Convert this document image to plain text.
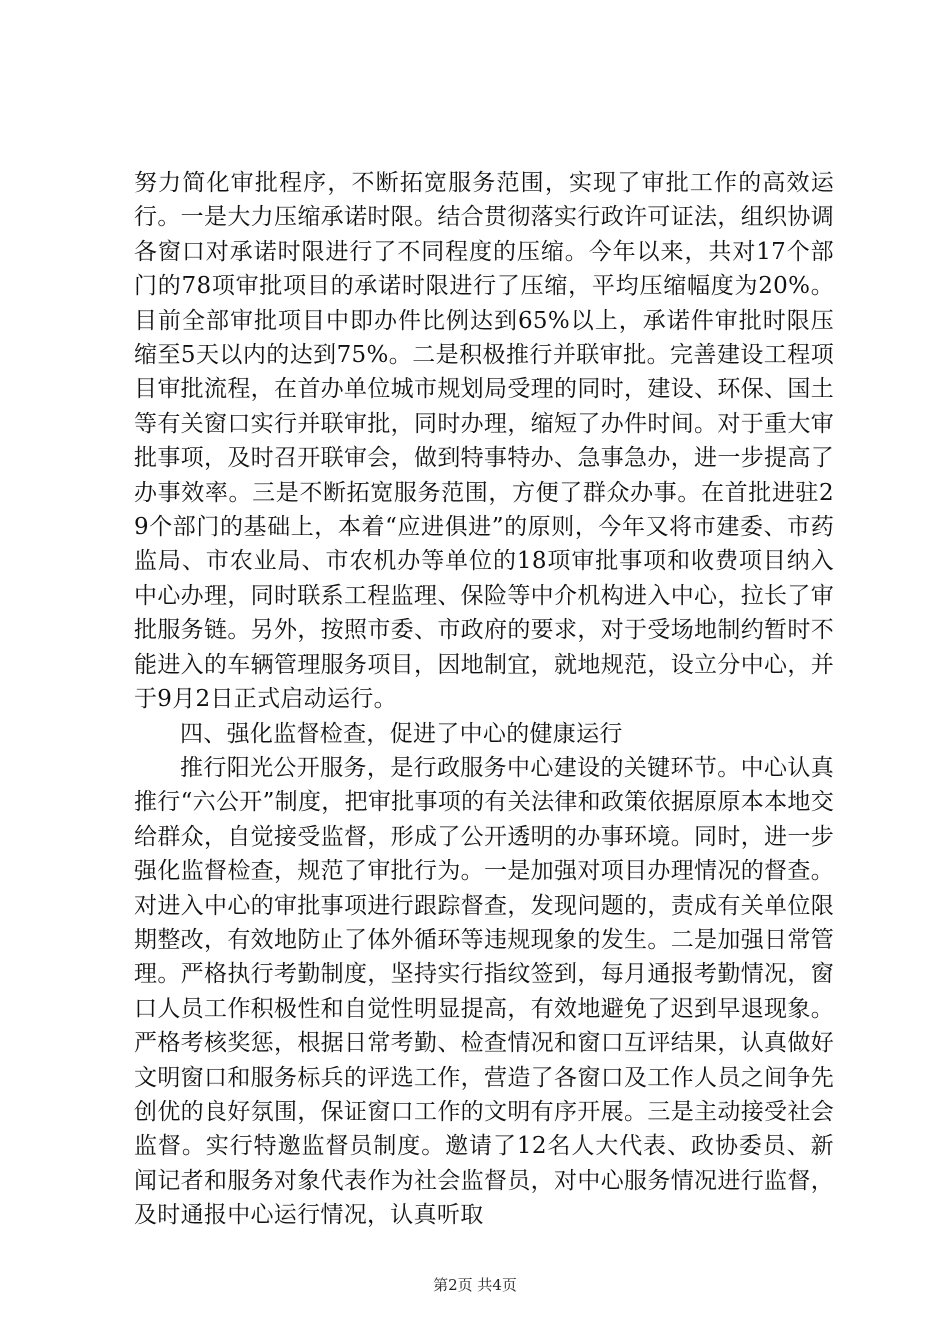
努力简化审批程序，不断拓宽服务范围，实现了审批工作的高效运行。一是大力压缩承诺时限。结合贯彻落实行政许可证法，组织协调各窗口对承诺时限进行了不同程度的压缩。今年以来，共对17个部门的78项审批项目的承诺时限进行了压缩，平均压缩幅度为20%。目前全部审批项目中即办件比例达到65%以上，承诺件审批时限压缩至5天以内的达到75%。二是积极推行并联审批。完善建设工程项目审批流程，在首办单位城市规划局受理的同时，建设、环保、国土等有关窗口实行并联审批，同时办理，缩短了办件时间。对于重大审批事项，及时召开联审会，做到特事特办、急事急办，进一步提高了办事效率。三是不断拓宽服务范围，方便了群众办事。在首批进驻29个部门的基础上，本着“应进俱进”的原则，今年又将市建委、市药监局、市农业局、市农机办等单位的18项审批事项和收费项目纳入中心办理，同时联系工程监理、保险等中介机构进入中心，拉长了审批服务链。另外，按照市委、市政府的要求，对于受场地制约暂时不能进入的车辆管理服务项目，因地制宜，就地规范，设立分中心，并于9月2日正式启动运行。

四、强化监督检查，促进了中心的健康运行

推行阳光公开服务，是行政服务中心建设的关键环节。中心认真推行“六公开”制度，把审批事项的有关法律和政策依据原原本本地交给群众，自觉接受监督，形成了公开透明的办事环境。同时，进一步强化监督检查，规范了审批行为。一是加强对项目办理情况的督查。对进入中心的审批事项进行跟踪督查，发现问题的，责成有关单位限期整改，有效地防止了体外循环等违规现象的发生。二是加强日常管理。严格执行考勤制度，坚持实行指纹签到，每月通报考勤情况，窗口人员工作积极性和自觉性明显提高，有效地避免了迟到早退现象。严格考核奖惩，根据日常考勤、检查情况和窗口互评结果，认真做好文明窗口和服务标兵的评选工作，营造了各窗口及工作人员之间争先创优的良好氛围，保证窗口工作的文明有序开展。三是主动接受社会监督。实行特邀监督员制度。邀请了12名人大代表、政协委员、新闻记者和服务对象代表作为社会监督员，对中心服务情况进行监督，及时通报中心运行情况，认真听取

第2页 共4页
